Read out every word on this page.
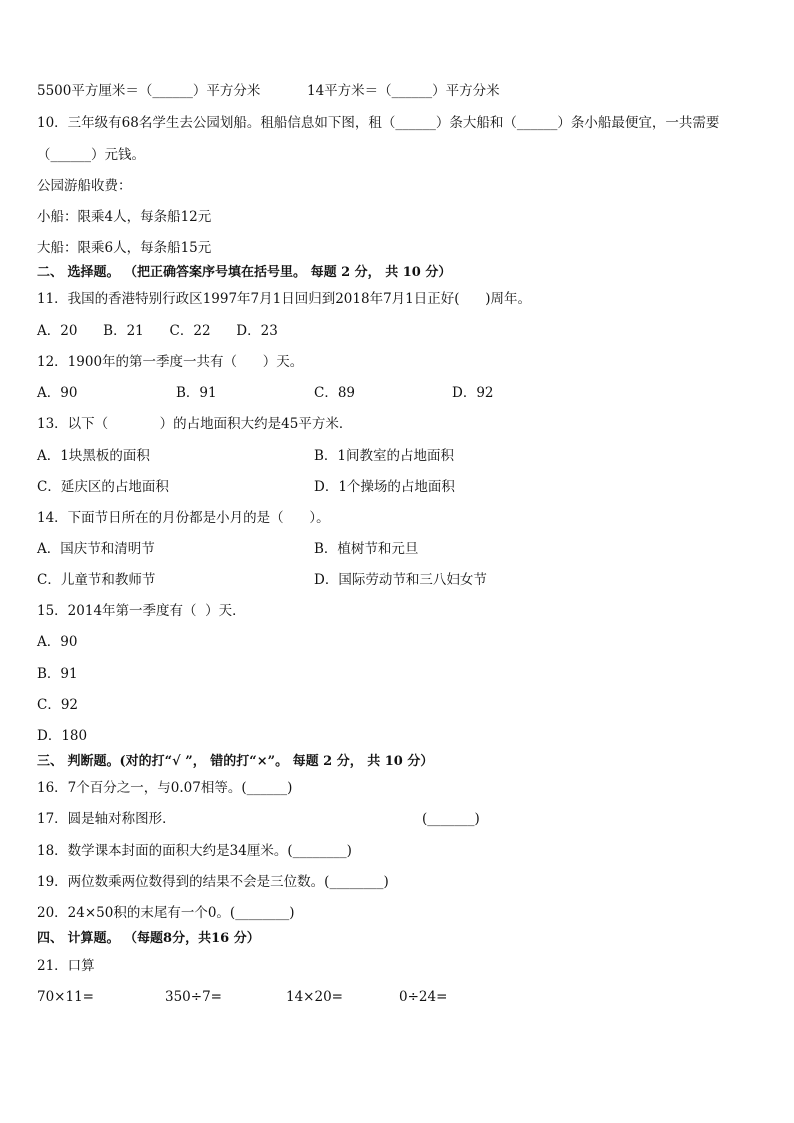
5500平方厘米＝（______）平方分米	14平方米＝（______）平方分米
10．三年级有68名学生去公园划船。租船信息如下图，租（______）条大船和（______）条小船最便宜，一共需要
（______）元钱。
公园游船收费：
小船：限乘4人，每条船12元
大船：限乘6人，每条船15元
二、 选择题。 （把正确答案序号填在括号里。 每题 2 分， 共 10 分）
11．我国的香港特别行政区1997年7月1日回归到2018年7月1日正好(      )周年。
A．20      B．21      C．22      D．23
12．1900年的第一季度一共有（      ）天。
A．90	B．91	C．89	D．92
13．以下（            ）的占地面积大约是45平方米．
A．1块黑板的面积	B．1间教室的占地面积
C．延庆区的占地面积	D．1个操场的占地面积
14．下面节日所在的月份都是小月的是（      ）。
A．国庆节和清明节	B．植树节和元旦
C．儿童节和教师节	D．国际劳动节和三八妇女节
15．2014年第一季度有（  ）天．
A．90
B．91
C．92
D．180
三、 判断题。(对的打“√ ”， 错的打“×”。 每题 2 分， 共 10 分）
16．7个百分之一，与0.07相等。(______)
17．圆是轴对称图形．	(_______)
18．数学课本封面的面积大约是34厘米。(________)
19．两位数乘两位数得到的结果不会是三位数。(________)
20．24×50积的末尾有一个0。(________)
四、 计算题。 （每题8分，共16 分）
21．口算
70×11=	350÷7=	14×20=	0÷24=
